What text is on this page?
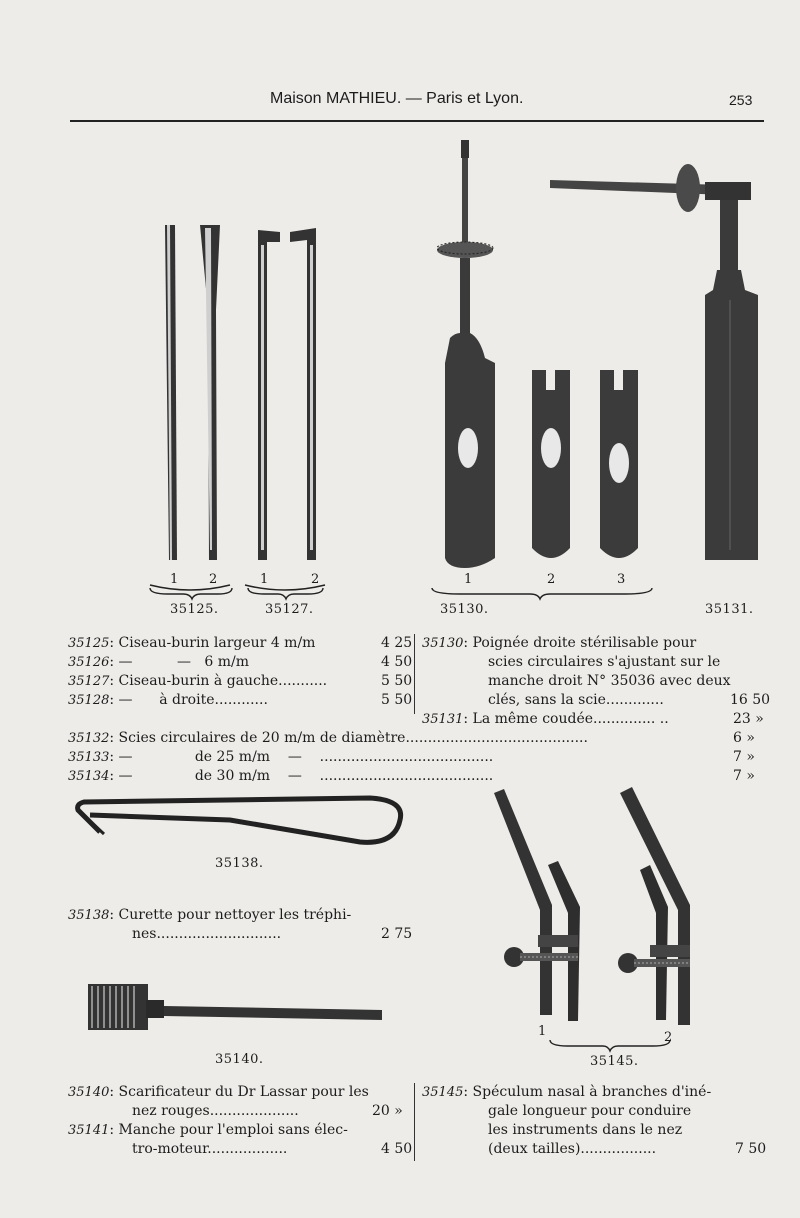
Maison MATHIEU. — Paris et Lyon.	253
1 2	1	2
35125.	35127.
1	2	3
35130.	35131.
35125: Ciseau-burin largeur 4 m/m	4 25
35126: —          —   6 m/m	4 50
35127: Ciseau-burin à gauche...........	5 50
35128: —      à droite............	5 50
35130: Poignée droite stérilisable pour
scies circulaires s'ajustant sur le
manche droit N° 35036 avec deux
clés, sans la scie.............	16 50
35131: La même coudée.............. ..	23 »
35132: Scies circulaires de 20 m/m de diamètre.........................................	6 »
35133: —              de 25 m/m    —    .......................................	7 »
35134: —              de 30 m/m    —    .......................................	7 »
35138.
35138: Curette pour nettoyer les tréphi-
nes............................	2 75
35140.
35140: Scarificateur du Dr Lassar pour les
nez rouges....................	20 »
35141: Manche pour l'emploi sans élec-
tro-moteur..................	4 50
1	2
35145.
35145: Spéculum nasal à branches d'iné-
gale longueur pour conduire
les instruments dans le nez
(deux tailles).................	7 50
